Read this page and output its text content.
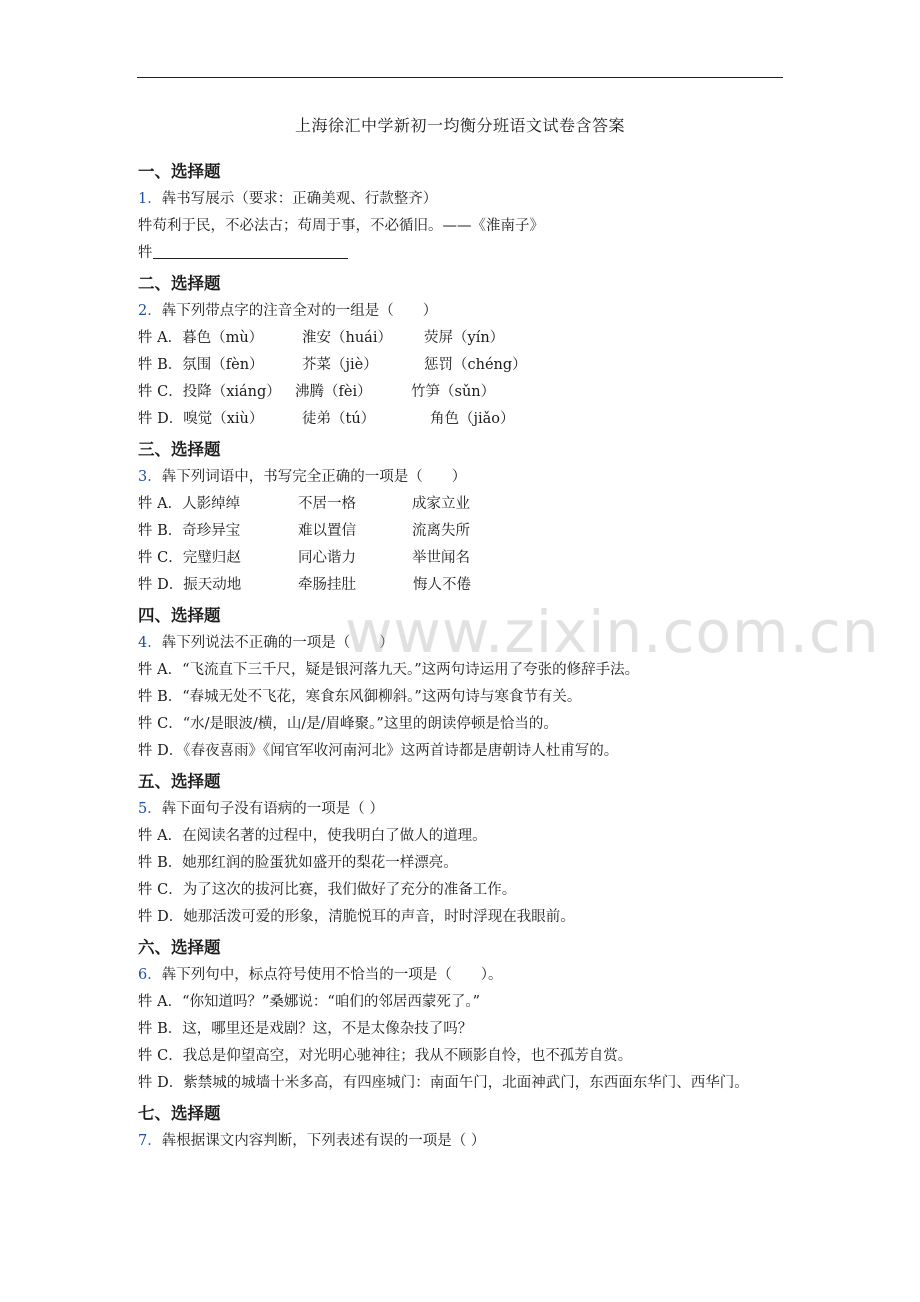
上海徐汇中学新初一均衡分班语文试卷含答案
一、选择题
1．犇书写展示（要求：正确美观、行款整齐）
牪苟利于民，不必法古；苟周于事，不必循旧。——《淮南子》
牪
二、选择题
2．犇下列带点字的注音全对的一组是（　　）
牪 A．暮色（mù）	淮安（huái） 荧屏（yín）
牪 B．氛围（fèn）	芥菜（jiè）	惩罚（chéng）
牪 C．投降（xiáng） 沸腾（fèi）	竹笋（sǔn）
牪 D．嗅觉（xiù）	徒弟（tú）	角色（jiǎo）
三、选择题
3．犇下列词语中，书写完全正确的一项是（　　）
牪 A．人影绰绰	不居一格	成家立业
牪 B．奇珍异宝	难以置信	流离失所
牪 C．完璧归赵	同心谐力	举世闻名
牪 D．振天动地	牵肠挂肚	悔人不倦
四、选择题
4．犇下列说法不正确的一项是（　　）
牪 A．“飞流直下三千尺，疑是银河落九天。”这两句诗运用了夸张的修辞手法。
牪 B．“春城无处不飞花，寒食东风御柳斜。”这两句诗与寒食节有关。
牪 C．“水/是眼波/横，山/是/眉峰聚。”这里的朗读停顿是恰当的。
牪 D．《春夜喜雨》《闻官军收河南河北》这两首诗都是唐朝诗人杜甫写的。
五、选择题
5．犇下面句子没有语病的一项是（ ）
牪 A．在阅读名著的过程中，使我明白了做人的道理。
牪 B．她那红润的脸蛋犹如盛开的梨花一样漂亮。
牪 C．为了这次的拔河比赛，我们做好了充分的准备工作。
牪 D．她那活泼可爱的形象，清脆悦耳的声音，时时浮现在我眼前。
六、选择题
6．犇下列句中，标点符号使用不恰当的一项是（　　）。
牪 A．“你知道吗？”桑娜说：“咱们的邻居西蒙死了。”
牪 B．这，哪里还是戏剧？这，不是太像杂技了吗？
牪 C．我总是仰望高空，对光明心驰神往；我从不顾影自怜，也不孤芳自赏。
牪 D．紫禁城的城墙十米多高，有四座城门：南面午门，北面神武门，东西面东华门、西华门。
七、选择题
7．犇根据课文内容判断，下列表述有误的一项是（ ）
www.zixin.com.cn
